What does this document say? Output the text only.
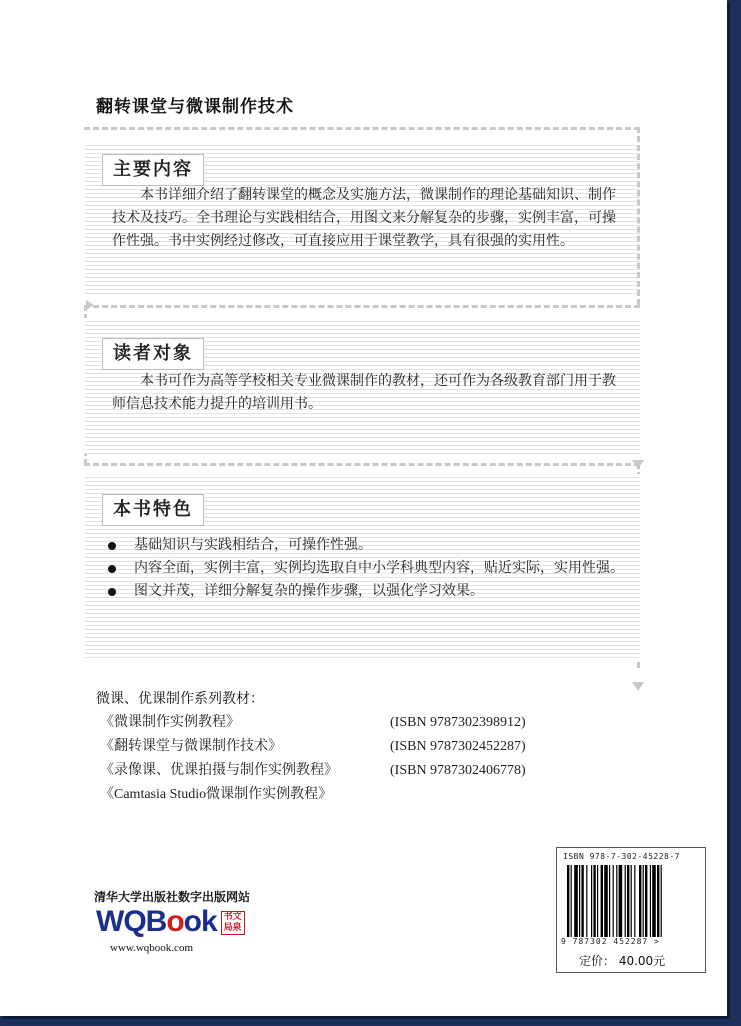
翻转课堂与微课制作技术
主要内容

本书详细介绍了翻转课堂的概念及实施方法，微课制作的理论基础知识、制作技术及技巧。全书理论与实践相结合，用图文来分解复杂的步骤，实例丰富，可操作性强。书中实例经过修改，可直接应用于课堂教学，具有很强的实用性。

读者对象

本书可作为高等学校相关专业微课制作的教材，还可作为各级教育部门用于教师信息技术能力提升的培训用书。

本书特色
基础知识与实践相结合，可操作性强。
内容全面，实例丰富，实例均选取自中小学科典型内容，贴近实际，实用性强。
图文并茂，详细分解复杂的操作步骤，以强化学习效果。
微课、优课制作系列教材：
《微课制作实例教程》	(ISBN 9787302398912)
《翻转课堂与微课制作技术》	(ISBN 9787302452287)
《录像课、优课拍摄与制作实例教程》	(ISBN 9787302406778)
《Camtasia Studio微课制作实例教程》
清华大学出版社数字出版网站
WQ B o ok 书文局泉
www.wqbook.com
ISBN 978-7-302-45228-7
9 787302 452287 >
定价： 40.00元
